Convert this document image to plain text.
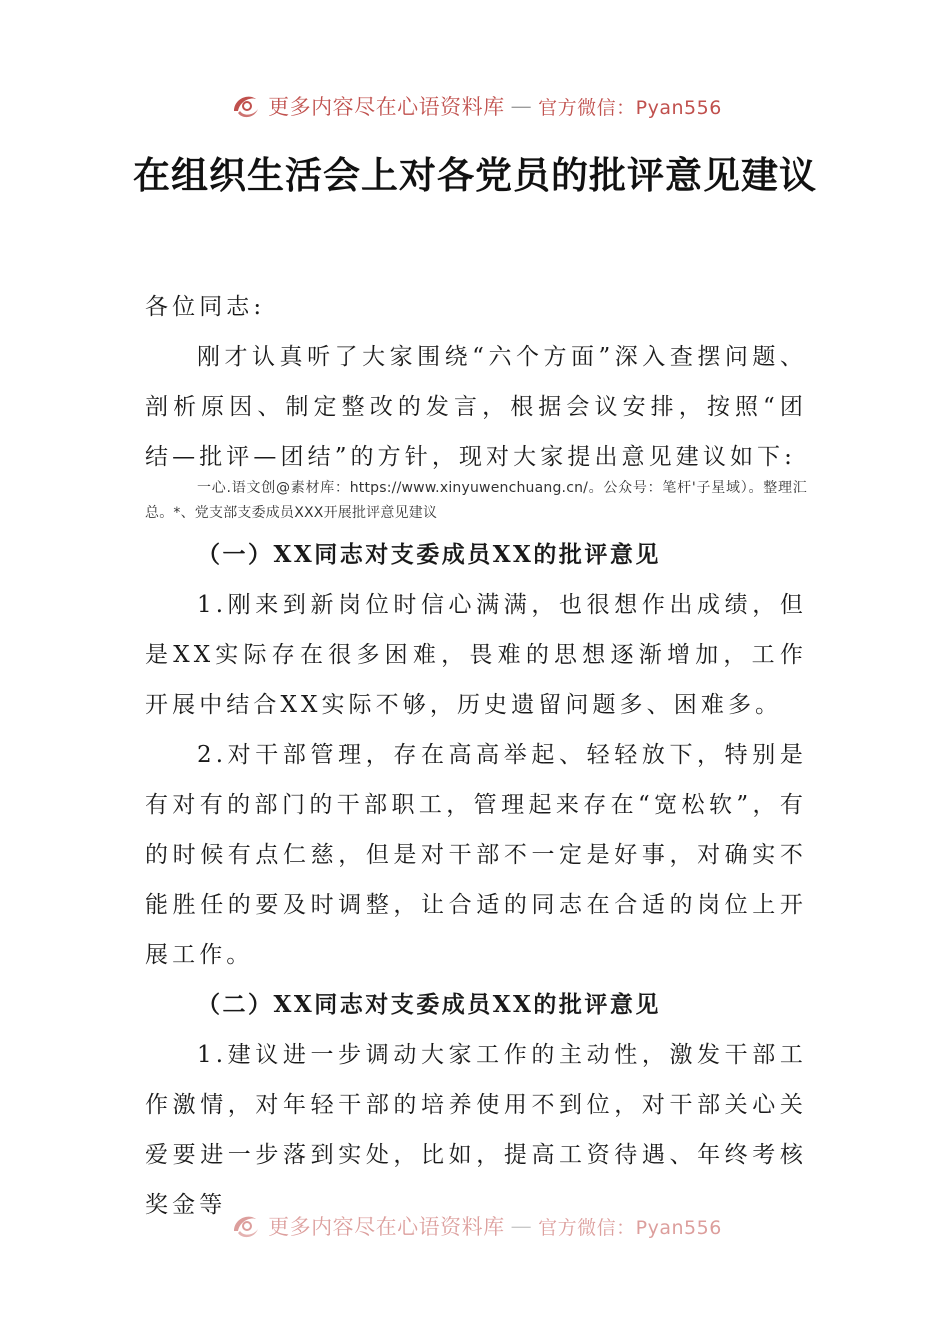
更多内容尽在心语资料库 — 官方微信：Pyan556
在组织生活会上对各党员的批评意见建议

各位同志:

刚才认真听了大家围绕“六个方面”深入查摆问题、剖析原因、制定整改的发言，根据会议安排，按照“团结—批评—团结”的方针，现对大家提出意见建议如下:

一心.语文创@素材库：https://www.xinyuwenchuang.cn/。公众号：笔杆'子星域）。整理汇总。*、党支部支委成员XXX开展批评意见建议

（一）XX同志对支委成员XX的批评意见

1.刚来到新岗位时信心满满，也很想作出成绩，但是XX实际存在很多困难，畏难的思想逐渐增加，工作开展中结合XX实际不够，历史遗留问题多、困难多。

2.对干部管理，存在高高举起、轻轻放下，特别是有对有的部门的干部职工，管理起来存在“宽松软”，有的时候有点仁慈，但是对干部不一定是好事，对确实不能胜任的要及时调整，让合适的同志在合适的岗位上开展工作。

（二）XX同志对支委成员XX的批评意见

1.建议进一步调动大家工作的主动性，激发干部工作激情，对年轻干部的培养使用不到位，对干部关心关爱要进一步落到实处，比如，提高工资待遇、年终考核奖金等

更多内容尽在心语资料库 — 官方微信：Pyan556
